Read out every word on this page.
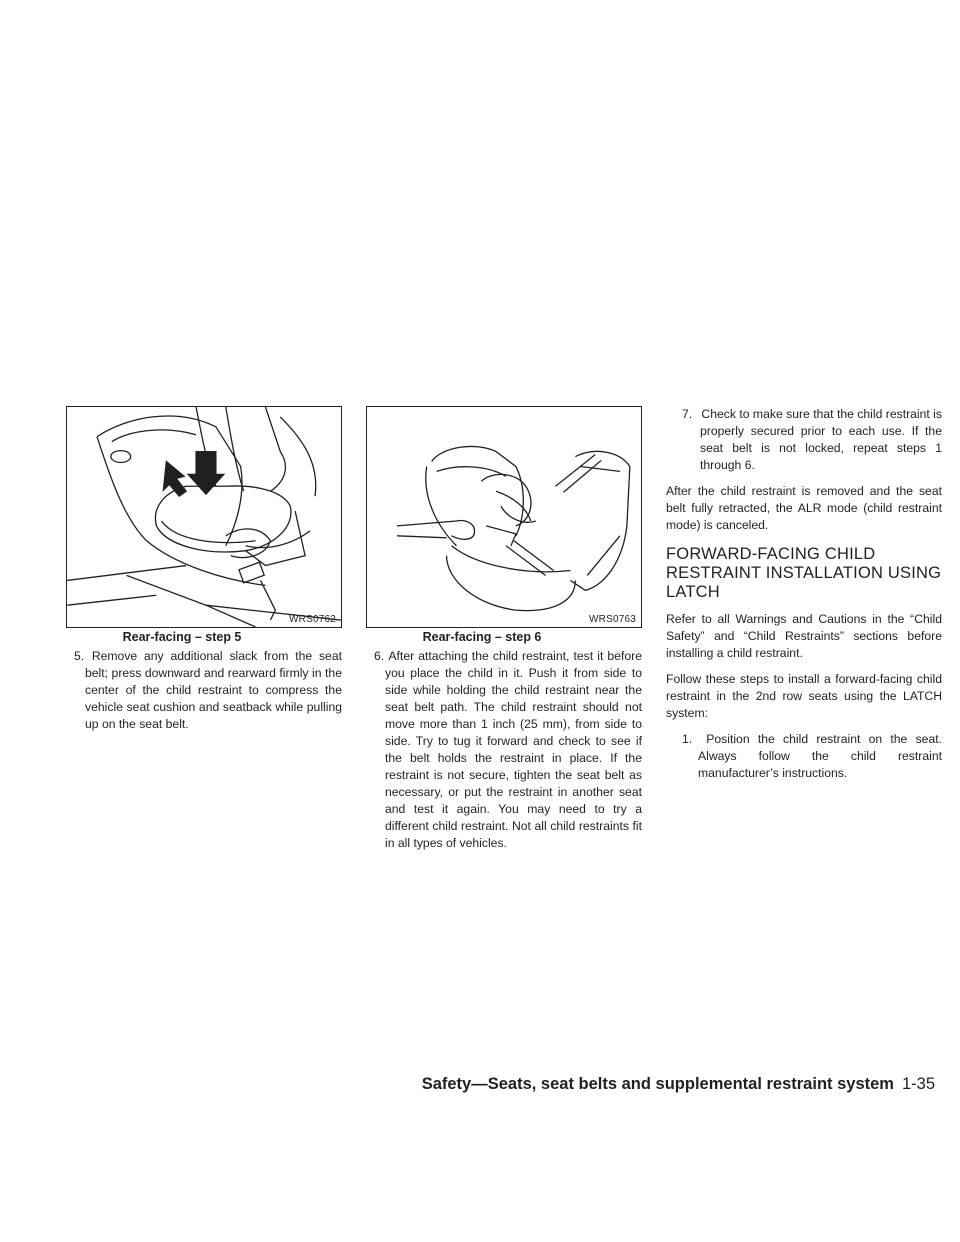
WRS0762
Rear-facing – step 5

5. Remove any additional slack from the seat belt; press downward and rearward firmly in the center of the child restraint to compress the vehicle seat cushion and seatback while pulling up on the seat belt.

WRS0763
Rear-facing – step 6

6. After attaching the child restraint, test it before you place the child in it. Push it from side to side while holding the child restraint near the seat belt path. The child restraint should not move more than 1 inch (25 mm), from side to side. Try to tug it forward and check to see if the belt holds the restraint in place. If the restraint is not secure, tighten the seat belt as necessary, or put the restraint in another seat and test it again. You may need to try a different child restraint. Not all child restraints fit in all types of vehicles.

7. Check to make sure that the child restraint is properly secured prior to each use. If the seat belt is not locked, repeat steps 1 through 6.

After the child restraint is removed and the seat belt fully retracted, the ALR mode (child restraint mode) is canceled.

FORWARD-FACING CHILD RESTRAINT INSTALLATION USING LATCH

Refer to all Warnings and Cautions in the “Child Safety” and “Child Restraints” sections before installing a child restraint.

Follow these steps to install a forward-facing child restraint in the 2nd row seats using the LATCH system:

1. Position the child restraint on the seat. Always follow the child restraint manufacturer’s instructions.

Safety—Seats, seat belts and supplemental restraint system 1-35
